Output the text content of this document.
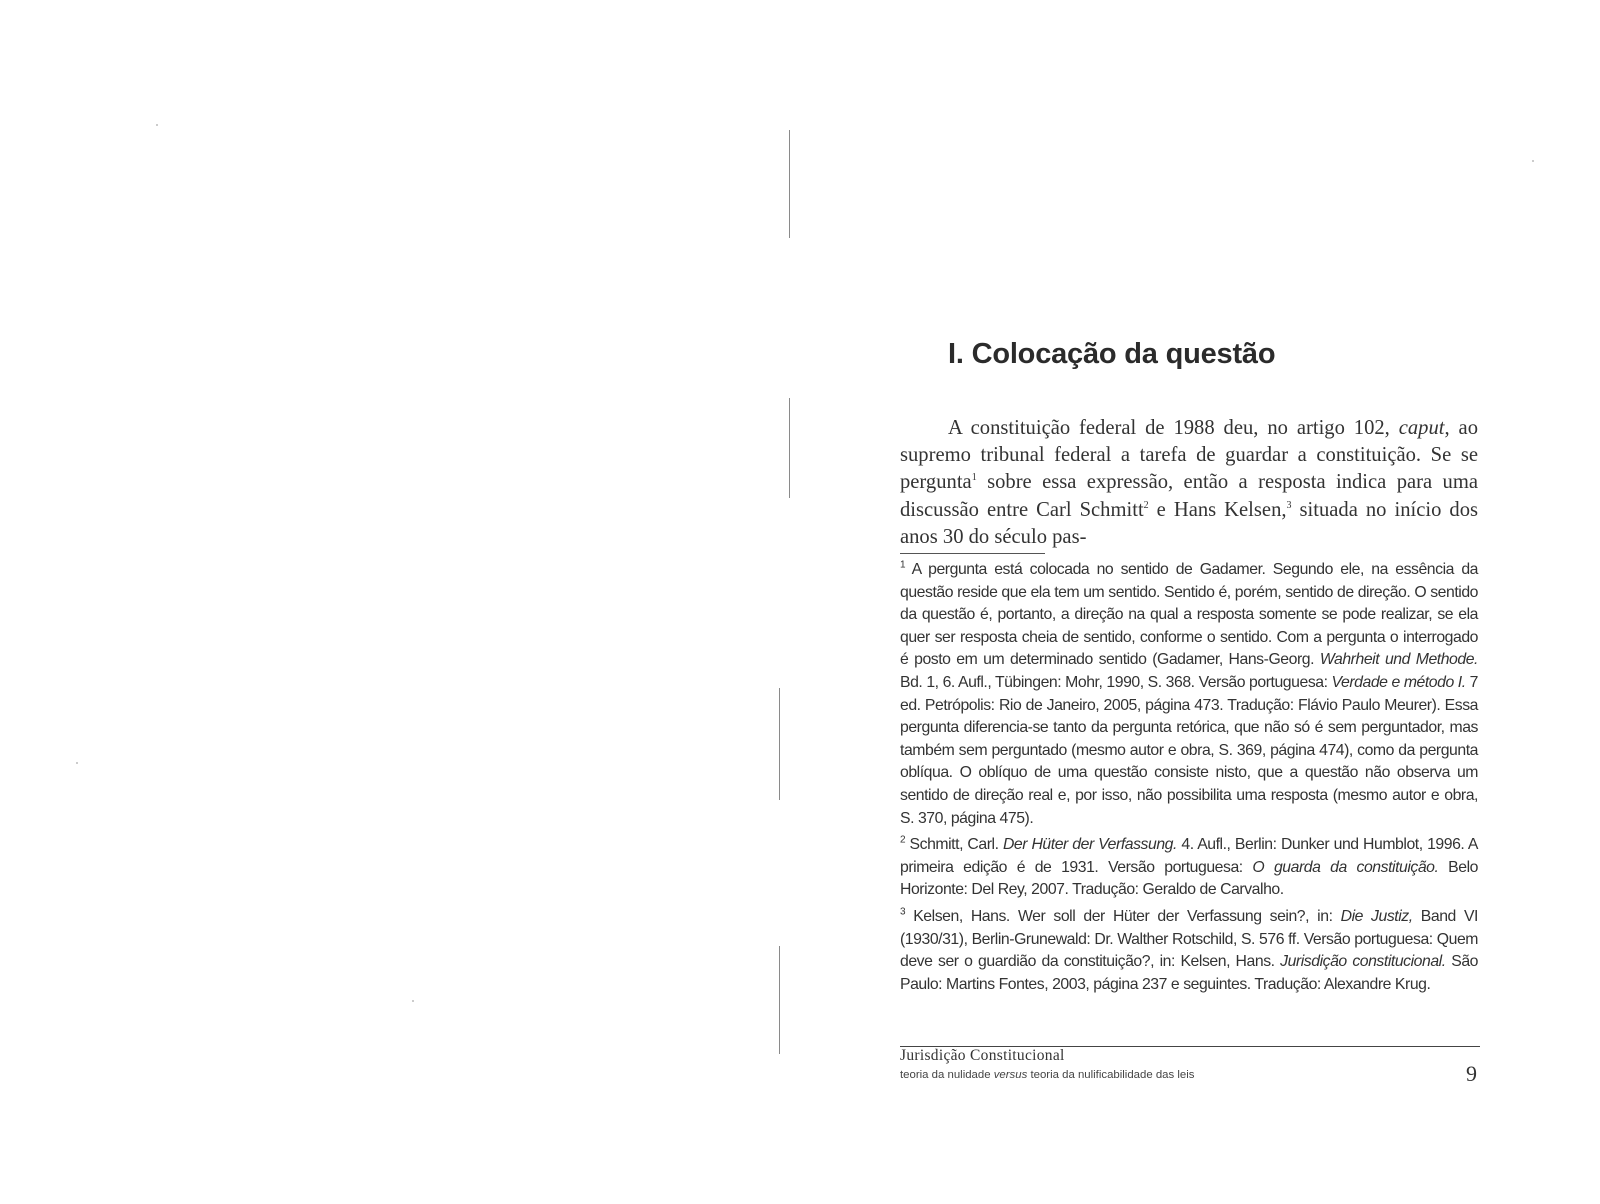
I. Colocação da questão
A constituição federal de 1988 deu, no artigo 102, caput, ao supremo tribunal federal a tarefa de guardar a constituição. Se se pergunta$^1$ sobre essa expressão, então a resposta indica para uma discussão entre Carl Schmitt$^2$ e Hans Kelsen,$^3$ situada no início dos anos 30 do século pas-

$^1$ A pergunta está colocada no sentido de Gadamer. Segundo ele, na essência da questão reside que ela tem um sentido. Sentido é, porém, sentido de direção. O sentido da questão é, portanto, a direção na qual a resposta somente se pode realizar, se ela quer ser resposta cheia de sentido, conforme o sentido. Com a pergunta o interrogado é posto em um determinado sentido (Gadamer, Hans-Georg. Wahrheit und Methode. Bd. 1, 6. Aufl., Tübingen: Mohr, 1990, S. 368. Versão portuguesa: Verdade e método I. 7 ed. Petrópolis: Rio de Janeiro, 2005, página 473. Tradução: Flávio Paulo Meurer). Essa pergunta diferencia-se tanto da pergunta retórica, que não só é sem perguntador, mas também sem perguntado (mesmo autor e obra, S. 369, página 474), como da pergunta oblíqua. O oblíquo de uma questão consiste nisto, que a questão não observa um sentido de direção real e, por isso, não possibilita uma resposta (mesmo autor e obra, S. 370, página 475).

$^2$ Schmitt, Carl. Der Hüter der Verfassung. 4. Aufl., Berlin: Dunker und Humblot, 1996. A primeira edição é de 1931. Versão portuguesa: O guarda da constituição. Belo Horizonte: Del Rey, 2007. Tradução: Geraldo de Carvalho.

$^3$ Kelsen, Hans. Wer soll der Hüter der Verfassung sein?, in: Die Justiz, Band VI (1930/31), Berlin-Grunewald: Dr. Walther Rotschild, S. 576 ff. Versão portuguesa: Quem deve ser o guardião da constituição?, in: Kelsen, Hans. Jurisdição constitucional. São Paulo: Martins Fontes, 2003, página 237 e seguintes. Tradução: Alexandre Krug.

Jurisdição Constitucional
teoria da nulidade versus teoria da nulificabilidade das leis	9
